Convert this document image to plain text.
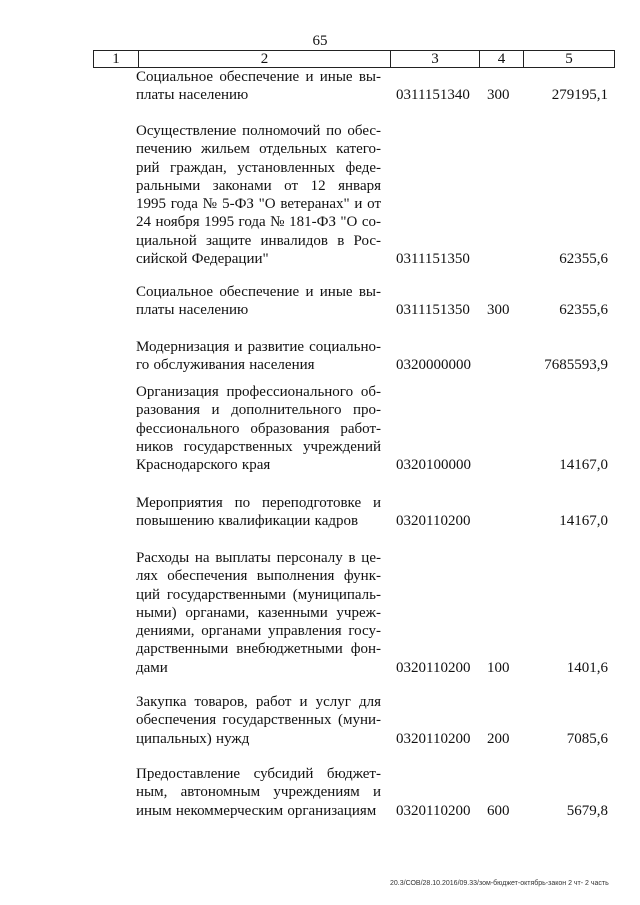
65
1	2	3	4	5
Социальное обеспечение и иные вы-
платы населению	0311151340 300	279195,1
Осуществление полномочий по обес-
печению жильем отдельных катего-
рий граждан, установленных феде-
ральными законами от 12 января
1995 года № 5-ФЗ "О ветеранах" и от
24 ноября 1995 года № 181-ФЗ "О со-
циальной защите инвалидов в Рос-
сийской Федерации"	0311151350	62355,6
Социальное обеспечение и иные вы-
платы населению	0311151350 300	62355,6
Модернизация и развитие социально-
го обслуживания населения	0320000000	7685593,9
Организация профессионального об-
разования и дополнительного про-
фессионального образования работ-
ников государственных учреждений
Краснодарского края	0320100000	14167,0
Мероприятия по переподготовке и
повышению квалификации кадров	0320110200	14167,0
Расходы на выплаты персоналу в це-
лях обеспечения выполнения функ-
ций государственными (муниципаль-
ными) органами, казенными учреж-
дениями, органами управления госу-
дарственными внебюджетными фон-
дами	0320110200 100	1401,6
Закупка товаров, работ и услуг для
обеспечения государственных (муни-
ципальных) нужд	0320110200 200	7085,6
Предоставление субсидий бюджет-
ным, автономным учреждениям и
иным некоммерческим организациям	0320110200 600	5679,8
20.3/СОВ/28.10.2016/09.33/зом-бюджет-октябрь-закон 2 чт- 2 часть
